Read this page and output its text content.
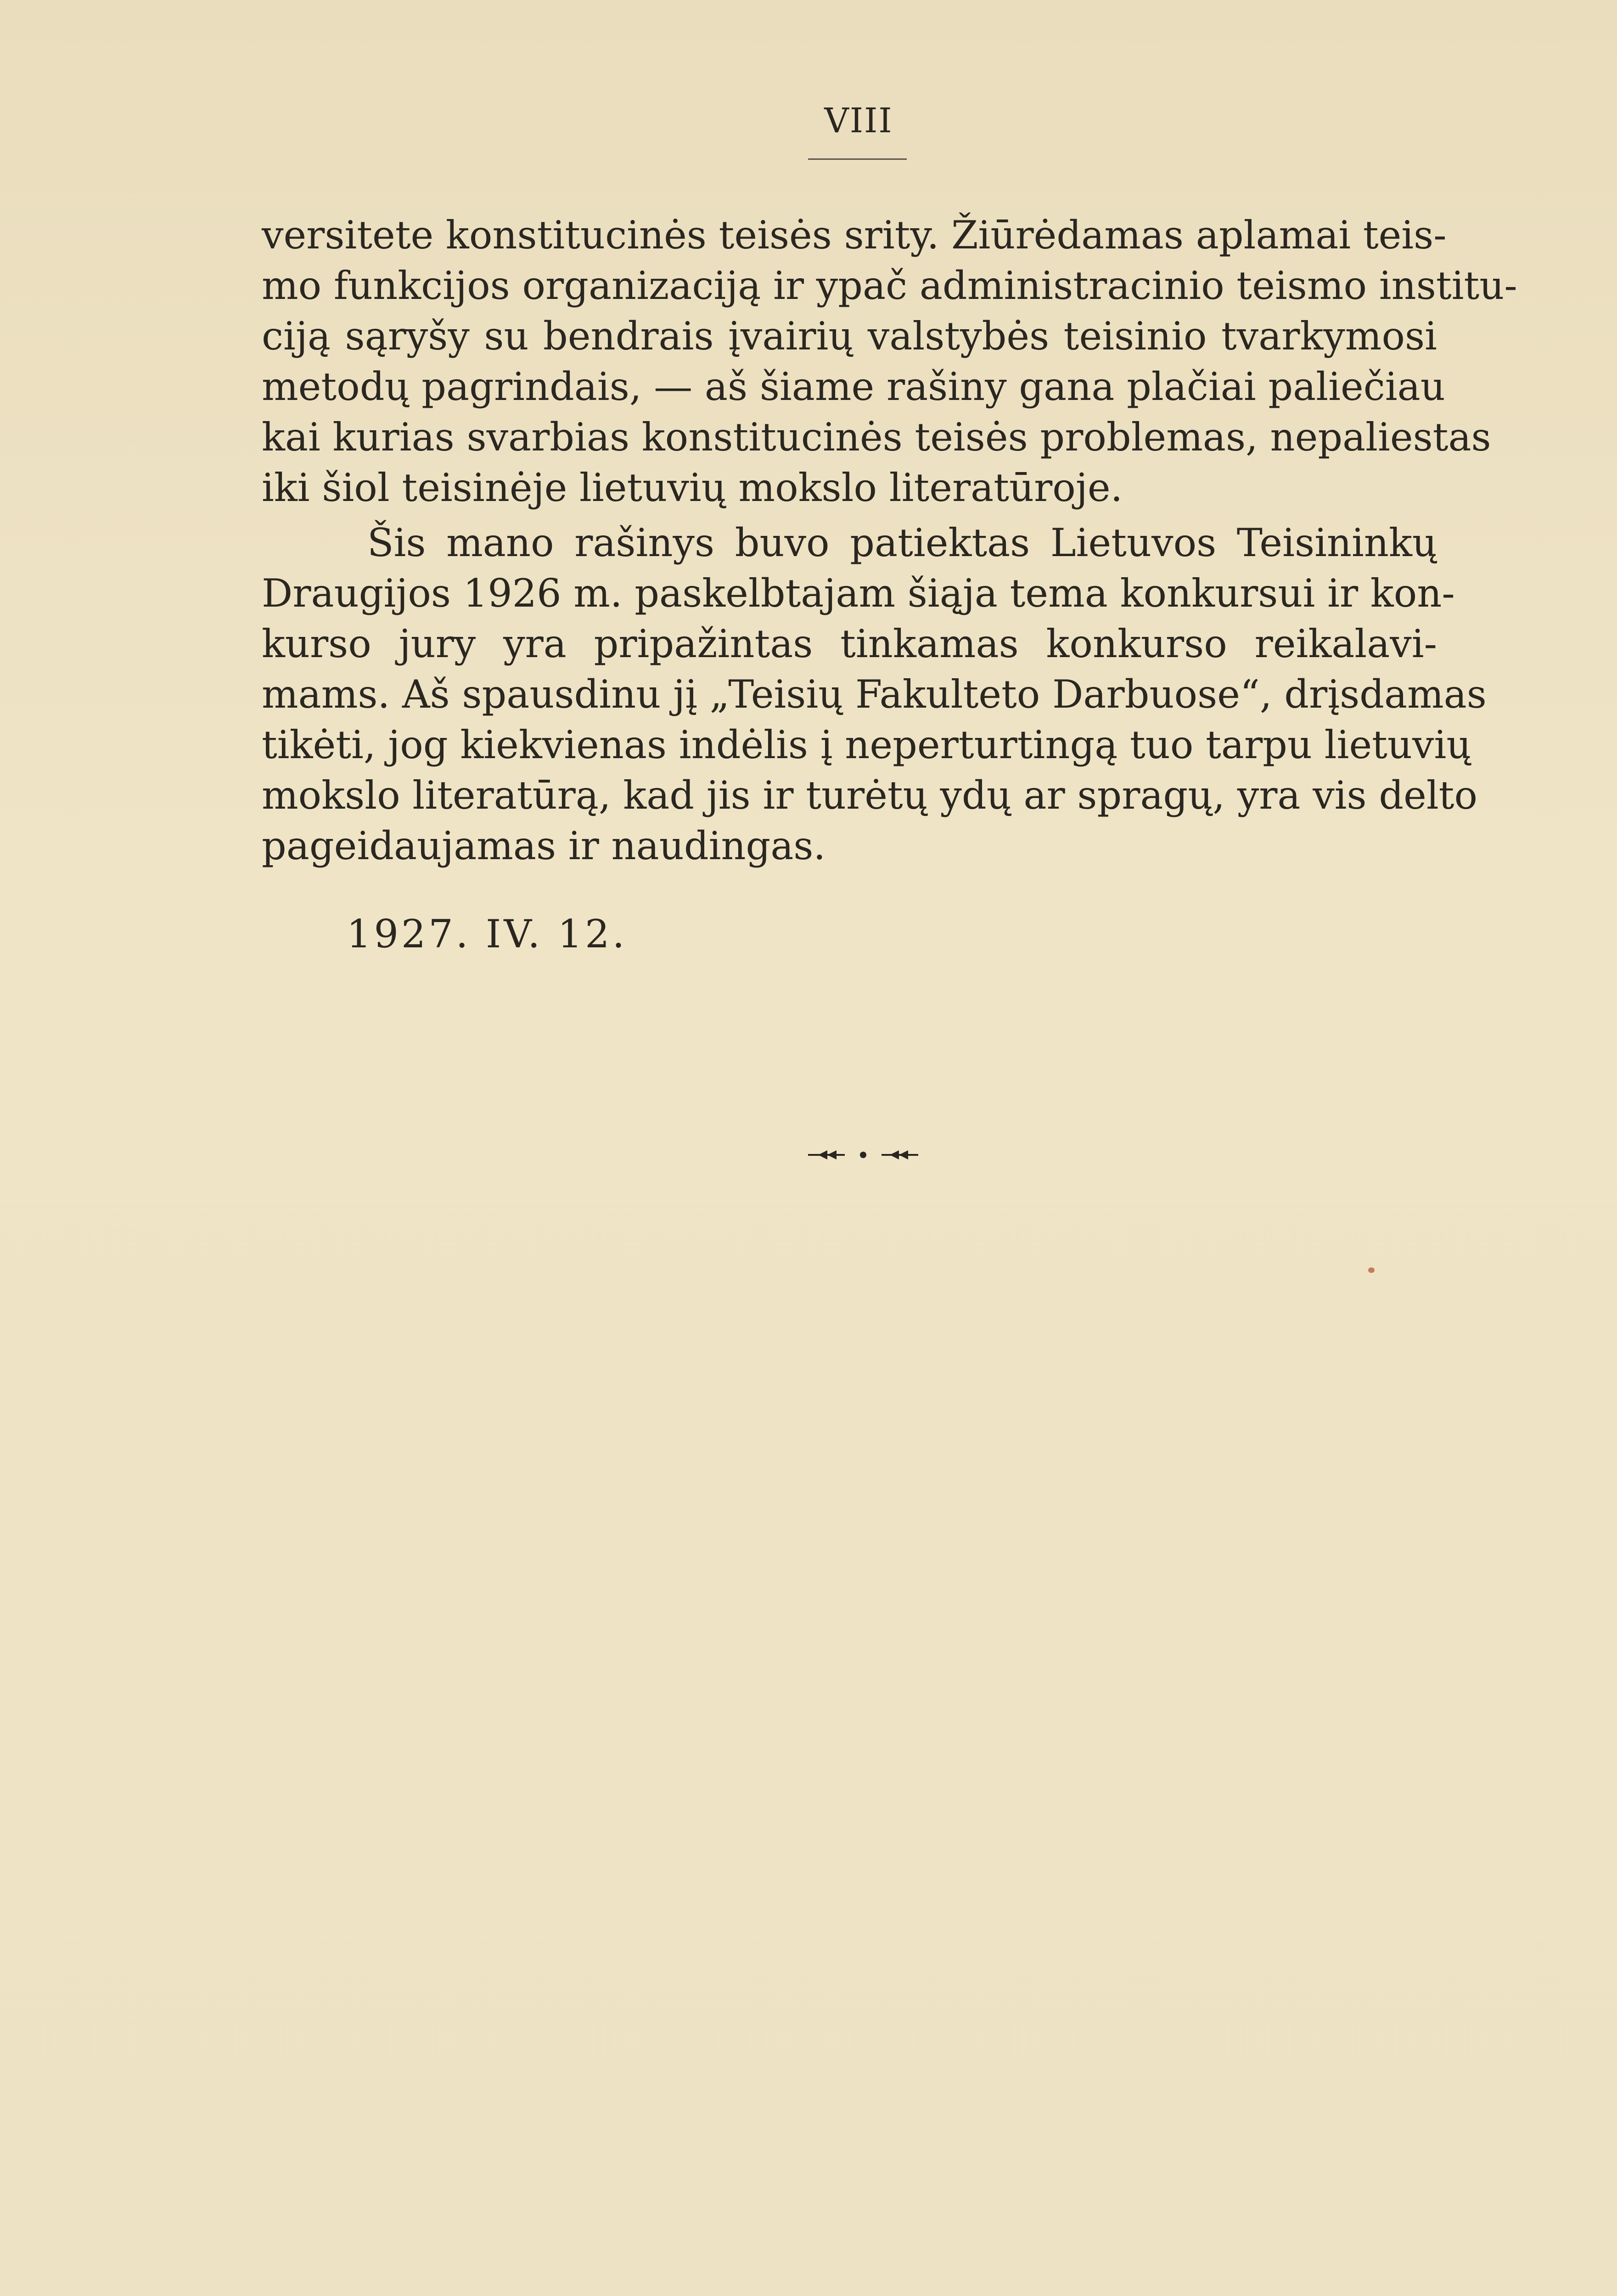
VIII
versitete konstitucinės teisės srity. Žiūrėdamas aplamai teis-
mo funkcijos organizaciją ir ypač administracinio teismo institu-
ciją sąryšy su bendrais įvairių valstybės teisinio tvarkymosi
metodų pagrindais, — aš šiame rašiny gana plačiai paliečiau
kai kurias svarbias konstitucinės teisės problemas, nepaliestas
iki šiol teisinėje lietuvių mokslo literatūroje.
Šis mano rašinys buvo patiektas Lietuvos Teisininkų
Draugijos 1926 m. paskelbtajam šiąja tema konkursui ir kon-
kurso jury yra pripažintas tinkamas konkurso reikalavi-
mams. Aš spausdinu jį „Teisių Fakulteto Darbuose“, drįsdamas
tikėti, jog kiekvienas indėlis į neperturtingą tuo tarpu lietuvių
mokslo literatūrą, kad jis ir turėtų ydų ar spragų, yra vis delto
pageidaujamas ir naudingas.
1927. IV. 12.
